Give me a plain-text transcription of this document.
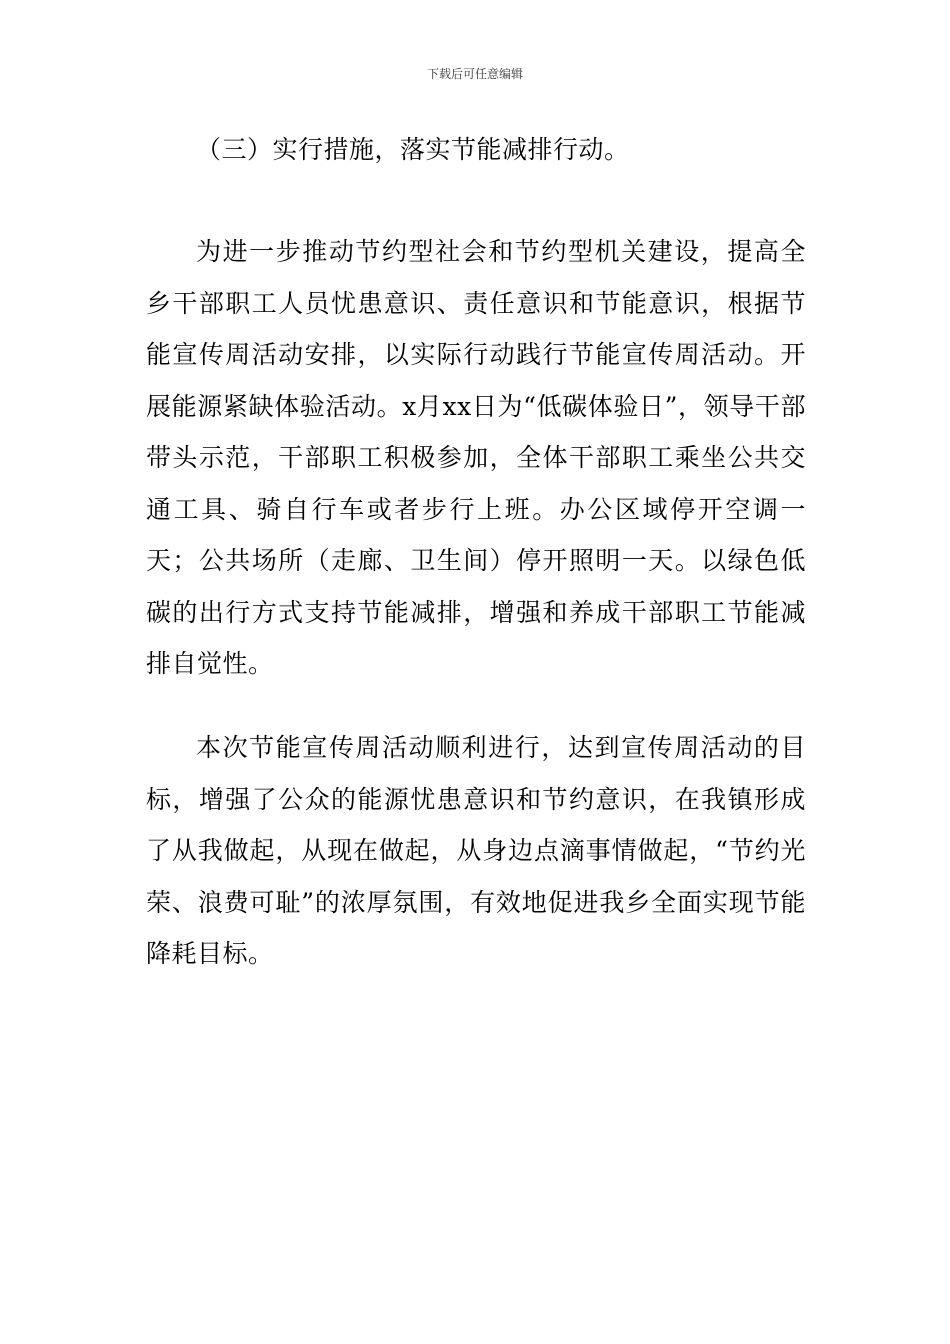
下载后可任意编辑

（三）实行措施，落实节能减排行动。

为进一步推动节约型社会和节约型机关建设，提高全乡干部职工人员忧患意识、责任意识和节能意识，根据节能宣传周活动安排，以实际行动践行节能宣传周活动。开展能源紧缺体验活动。x月xx日为“低碳体验日”，领导干部带头示范，干部职工积极参加，全体干部职工乘坐公共交通工具、骑自行车或者步行上班。办公区域停开空调一天；公共场所（走廊、卫生间）停开照明一天。以绿色低碳的出行方式支持节能减排，增强和养成干部职工节能减排自觉性。

本次节能宣传周活动顺利进行，达到宣传周活动的目标，增强了公众的能源忧患意识和节约意识，在我镇形成了从我做起，从现在做起，从身边点滴事情做起，“节约光荣、浪费可耻”的浓厚氛围，有效地促进我乡全面实现节能降耗目标。
